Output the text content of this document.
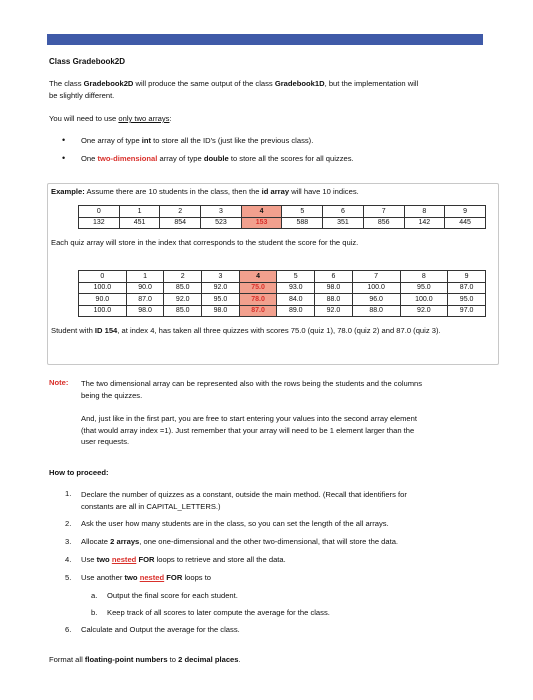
Class Gradebook2D
The class Gradebook2D will produce the same output of the class Gradebook1D, but the implementation will
be slightly different.
You will need to use only two arrays:
• One array of type int to store all the ID's (just like the previous class).
• One two-dimensional array of type double to store all the scores for all quizzes.
Example: Assume there are 10 students in the class, then the id array will have 10 indices.
0	1	2	3	4	5	6	7	8	9
132	451	854	523	153	588	351	856	142	445
Each quiz array will store in the index that corresponds to the student the score for the quiz.
0	1	2	3	4	5	6	7	8	9
100.0	90.0	85.0	92.0	75.0	93.0	98.0	100.0	95.0	87.0
90.0	87.0	92.0	95.0	78.0	84.0	88.0	96.0	100.0	95.0
100.0	98.0	85.0	98.0	87.0	89.0	92.0	88.0	92.0	97.0
Student with ID 154, at index 4, has taken all three quizzes with scores 75.0 (quiz 1), 78.0 (quiz 2) and 87.0 (quiz 3).
Note: The two dimensional array can be represented also with the rows being the students and the columns
being the quizzes.
And, just like in the first part, you are free to start entering your values into the second array element
(that would array index =1). Just remember that your array will need to be 1 element larger than the
user requests.
How to proceed:
1. Declare the number of quizzes as a constant, outside the main method. (Recall that identifiers for
constants are all in CAPITAL_LETTERS.)
2. Ask the user how many students are in the class, so you can set the length of the all arrays.
3. Allocate 2 arrays, one one-dimensional and the other two-dimensional, that will store the data.
4. Use two nested FOR loops to retrieve and store all the data.
5. Use another two nested FOR loops to
a. Output the final score for each student.
b. Keep track of all scores to later compute the average for the class.
6. Calculate and Output the average for the class.
Format all floating-point numbers to 2 decimal places.
